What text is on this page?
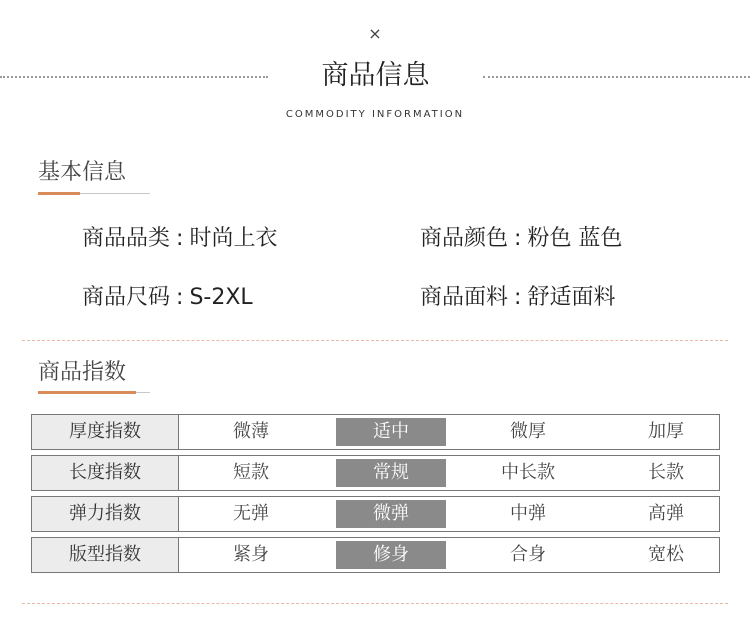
×
商品信息
COMMODITY INFORMATION
基本信息
商品品类 : 时尚上衣	商品颜色 : 粉色 蓝色
商品尺码 : S-2XL	商品面料 : 舒适面料
商品指数
厚度指数	微薄	适中	微厚	加厚
长度指数	短款	常规	中长款	长款
弹力指数	无弹	微弹	中弹	高弹
版型指数	紧身	修身	合身	宽松
